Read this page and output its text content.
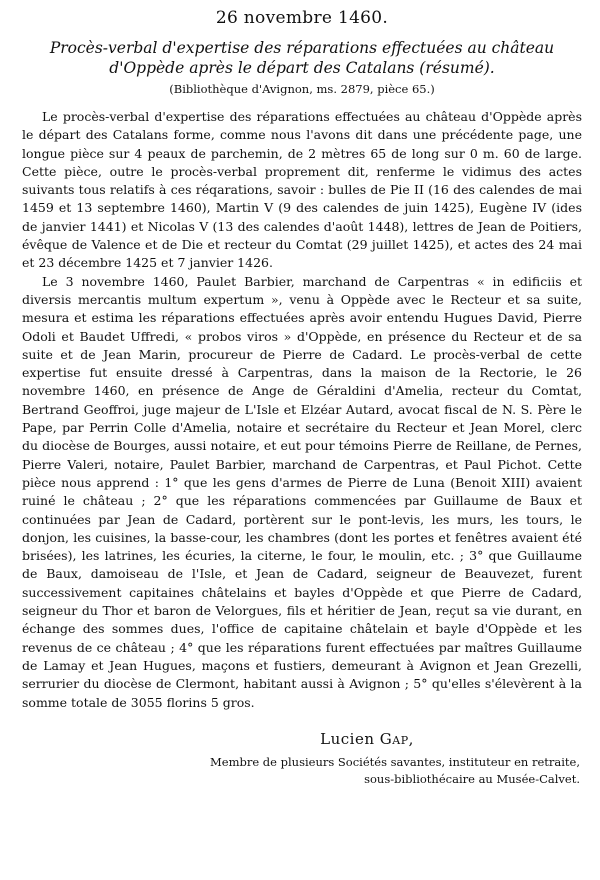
26 novembre 1460.
Procès-verbal d'expertise des réparations effectuées au château
d'Oppède après le départ des Catalans (résumé).
(Bibliothèque d'Avignon, ms. 2879, pièce 65.)

Le procès-verbal d'expertise des réparations effectuées au château d'Oppède après le départ des Catalans forme, comme nous l'avons dit dans une précédente page, une longue pièce sur 4 peaux de parchemin, de 2 mètres 65 de long sur 0 m. 60 de large. Cette pièce, outre le procès-verbal proprement dit, renferme le vidimus des actes suivants tous relatifs à ces réqarations, savoir : bulles de Pie II (16 des calendes de mai 1459 et 13 septembre 1460), Martin V (9 des calendes de juin 1425), Eugène IV (ides de janvier 1441) et Nicolas V (13 des calendes d'août 1448), lettres de Jean de Poitiers, évêque de Valence et de Die et recteur du Comtat (29 juillet 1425), et actes des 24 mai et 23 décembre 1425 et 7 janvier 1426.

Le 3 novembre 1460, Paulet Barbier, marchand de Carpentras « in edificiis et diversis mercantis multum expertum », venu à Oppède avec le Recteur et sa suite, mesura et estima les réparations effectuées après avoir entendu Hugues David, Pierre Odoli et Baudet Uffredi, « probos viros » d'Oppède, en présence du Recteur et de sa suite et de Jean Marin, procureur de Pierre de Cadard. Le procès-verbal de cette expertise fut ensuite dressé à Carpentras, dans la maison de la Rectorie, le 26 novembre 1460, en présence de Ange de Géraldini d'Amelia, recteur du Comtat, Bertrand Geoffroi, juge majeur de L'Isle et Elzéar Autard, avocat fiscal de N. S. Père le Pape, par Perrin Colle d'Amelia, notaire et secrétaire du Recteur et Jean Morel, clerc du diocèse de Bourges, aussi notaire, et eut pour témoins Pierre de Reillane, de Pernes, Pierre Valeri, notaire, Paulet Barbier, marchand de Carpentras, et Paul Pichot. Cette pièce nous apprend : 1° que les gens d'armes de Pierre de Luna (Benoit XIII) avaient ruiné le château ; 2° que les réparations commencées par Guillaume de Baux et continuées par Jean de Cadard, portèrent sur le pont-levis, les murs, les tours, le donjon, les cuisines, la basse-cour, les chambres (dont les portes et fenêtres avaient été brisées), les latrines, les écuries, la citerne, le four, le moulin, etc. ; 3° que Guillaume de Baux, damoiseau de l'Isle, et Jean de Cadard, seigneur de Beauvezet, furent successivement capitaines châtelains et bayles d'Oppède et que Pierre de Cadard, seigneur du Thor et baron de Velorgues, fils et héritier de Jean, reçut sa vie durant, en échange des sommes dues, l'office de capitaine châtelain et bayle d'Oppède et les revenus de ce château ; 4° que les réparations furent effectuées par maîtres Guillaume de Lamay et Jean Hugues, maçons et fustiers, demeurant à Avignon et Jean Grezelli, serrurier du diocèse de Clermont, habitant aussi à Avignon ; 5° qu'elles s'élevèrent à la somme totale de 3055 florins 5 gros.

Lucien Gap,
Membre de plusieurs Sociétés savantes, instituteur en retraite,
sous-bibliothécaire au Musée-Calvet.
